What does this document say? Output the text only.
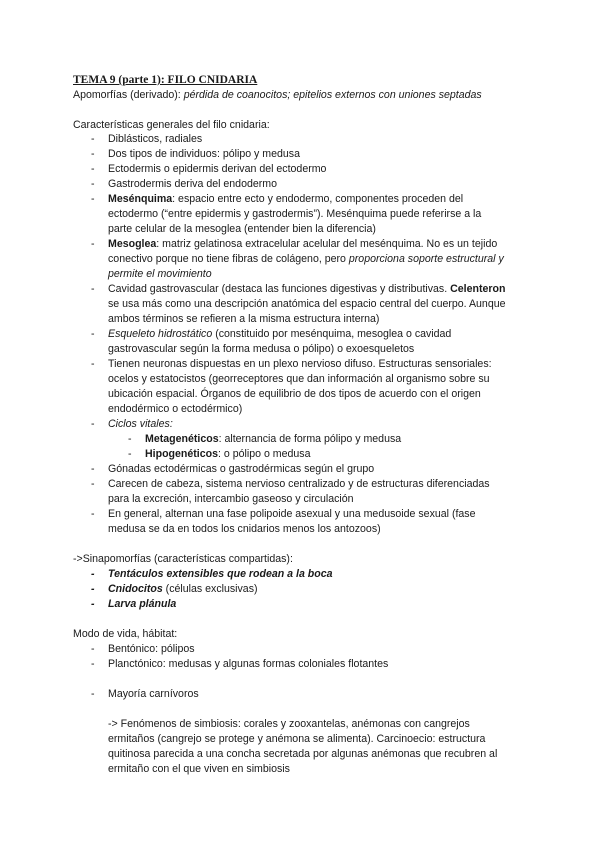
TEMA 9 (parte 1): FILO CNIDARIA
Apomorfías (derivado): pérdida de coanocitos; epitelios externos con uniones septadas
Características generales del filo cnidaria:
- Diblásticos, radiales
- Dos tipos de individuos: pólipo y medusa
- Ectodermis o epidermis derivan del ectodermo
- Gastrodermis deriva del endodermo
- Mesénquima: espacio entre ecto y endodermo, componentes proceden del
ectodermo (“entre epidermis y gastrodermis”). Mesénquima puede referirse a la
parte celular de la mesoglea (entender bien la diferencia)
- Mesoglea: matriz gelatinosa extracelular acelular del mesénquima. No es un tejido
conectivo porque no tiene fibras de colágeno, pero proporciona soporte estructural y
permite el movimiento
- Cavidad gastrovascular (destaca las funciones digestivas y distributivas. Celenteron
se usa más como una descripción anatómica del espacio central del cuerpo. Aunque
ambos términos se refieren a la misma estructura interna)
- Esqueleto hidrostático (constituido por mesénquima, mesoglea o cavidad
gastrovascular según la forma medusa o pólipo) o exoesqueletos
- Tienen neuronas dispuestas en un plexo nervioso difuso. Estructuras sensoriales:
ocelos y estatocistos (georreceptores que dan información al organismo sobre su
ubicación espacial. Órganos de equilibrio de dos tipos de acuerdo con el origen
endodérmico o ectodérmico)
- Ciclos vitales:
- Metagenéticos: alternancia de forma pólipo y medusa
- Hipogenéticos: o pólipo o medusa
- Gónadas ectodérmicas o gastrodérmicas según el grupo
- Carecen de cabeza, sistema nervioso centralizado y de estructuras diferenciadas
para la excreción, intercambio gaseoso y circulación
- En general, alternan una fase polipoide asexual y una medusoide sexual (fase
medusa se da en todos los cnidarios menos los antozoos)
->Sinapomorfías (características compartidas):
- Tentáculos extensibles que rodean a la boca
- Cnidocitos (células exclusivas)
- Larva plánula
Modo de vida, hábitat:
- Bentónico: pólipos
- Planctónico: medusas y algunas formas coloniales flotantes
- Mayoría carnívoros
-> Fenómenos de simbiosis: corales y zooxantelas, anémonas con cangrejos
ermitaños (cangrejo se protege y anémona se alimenta). Carcinoecio: estructura
quitinosa parecida a una concha secretada por algunas anémonas que recubren al
ermitaño con el que viven en simbiosis
